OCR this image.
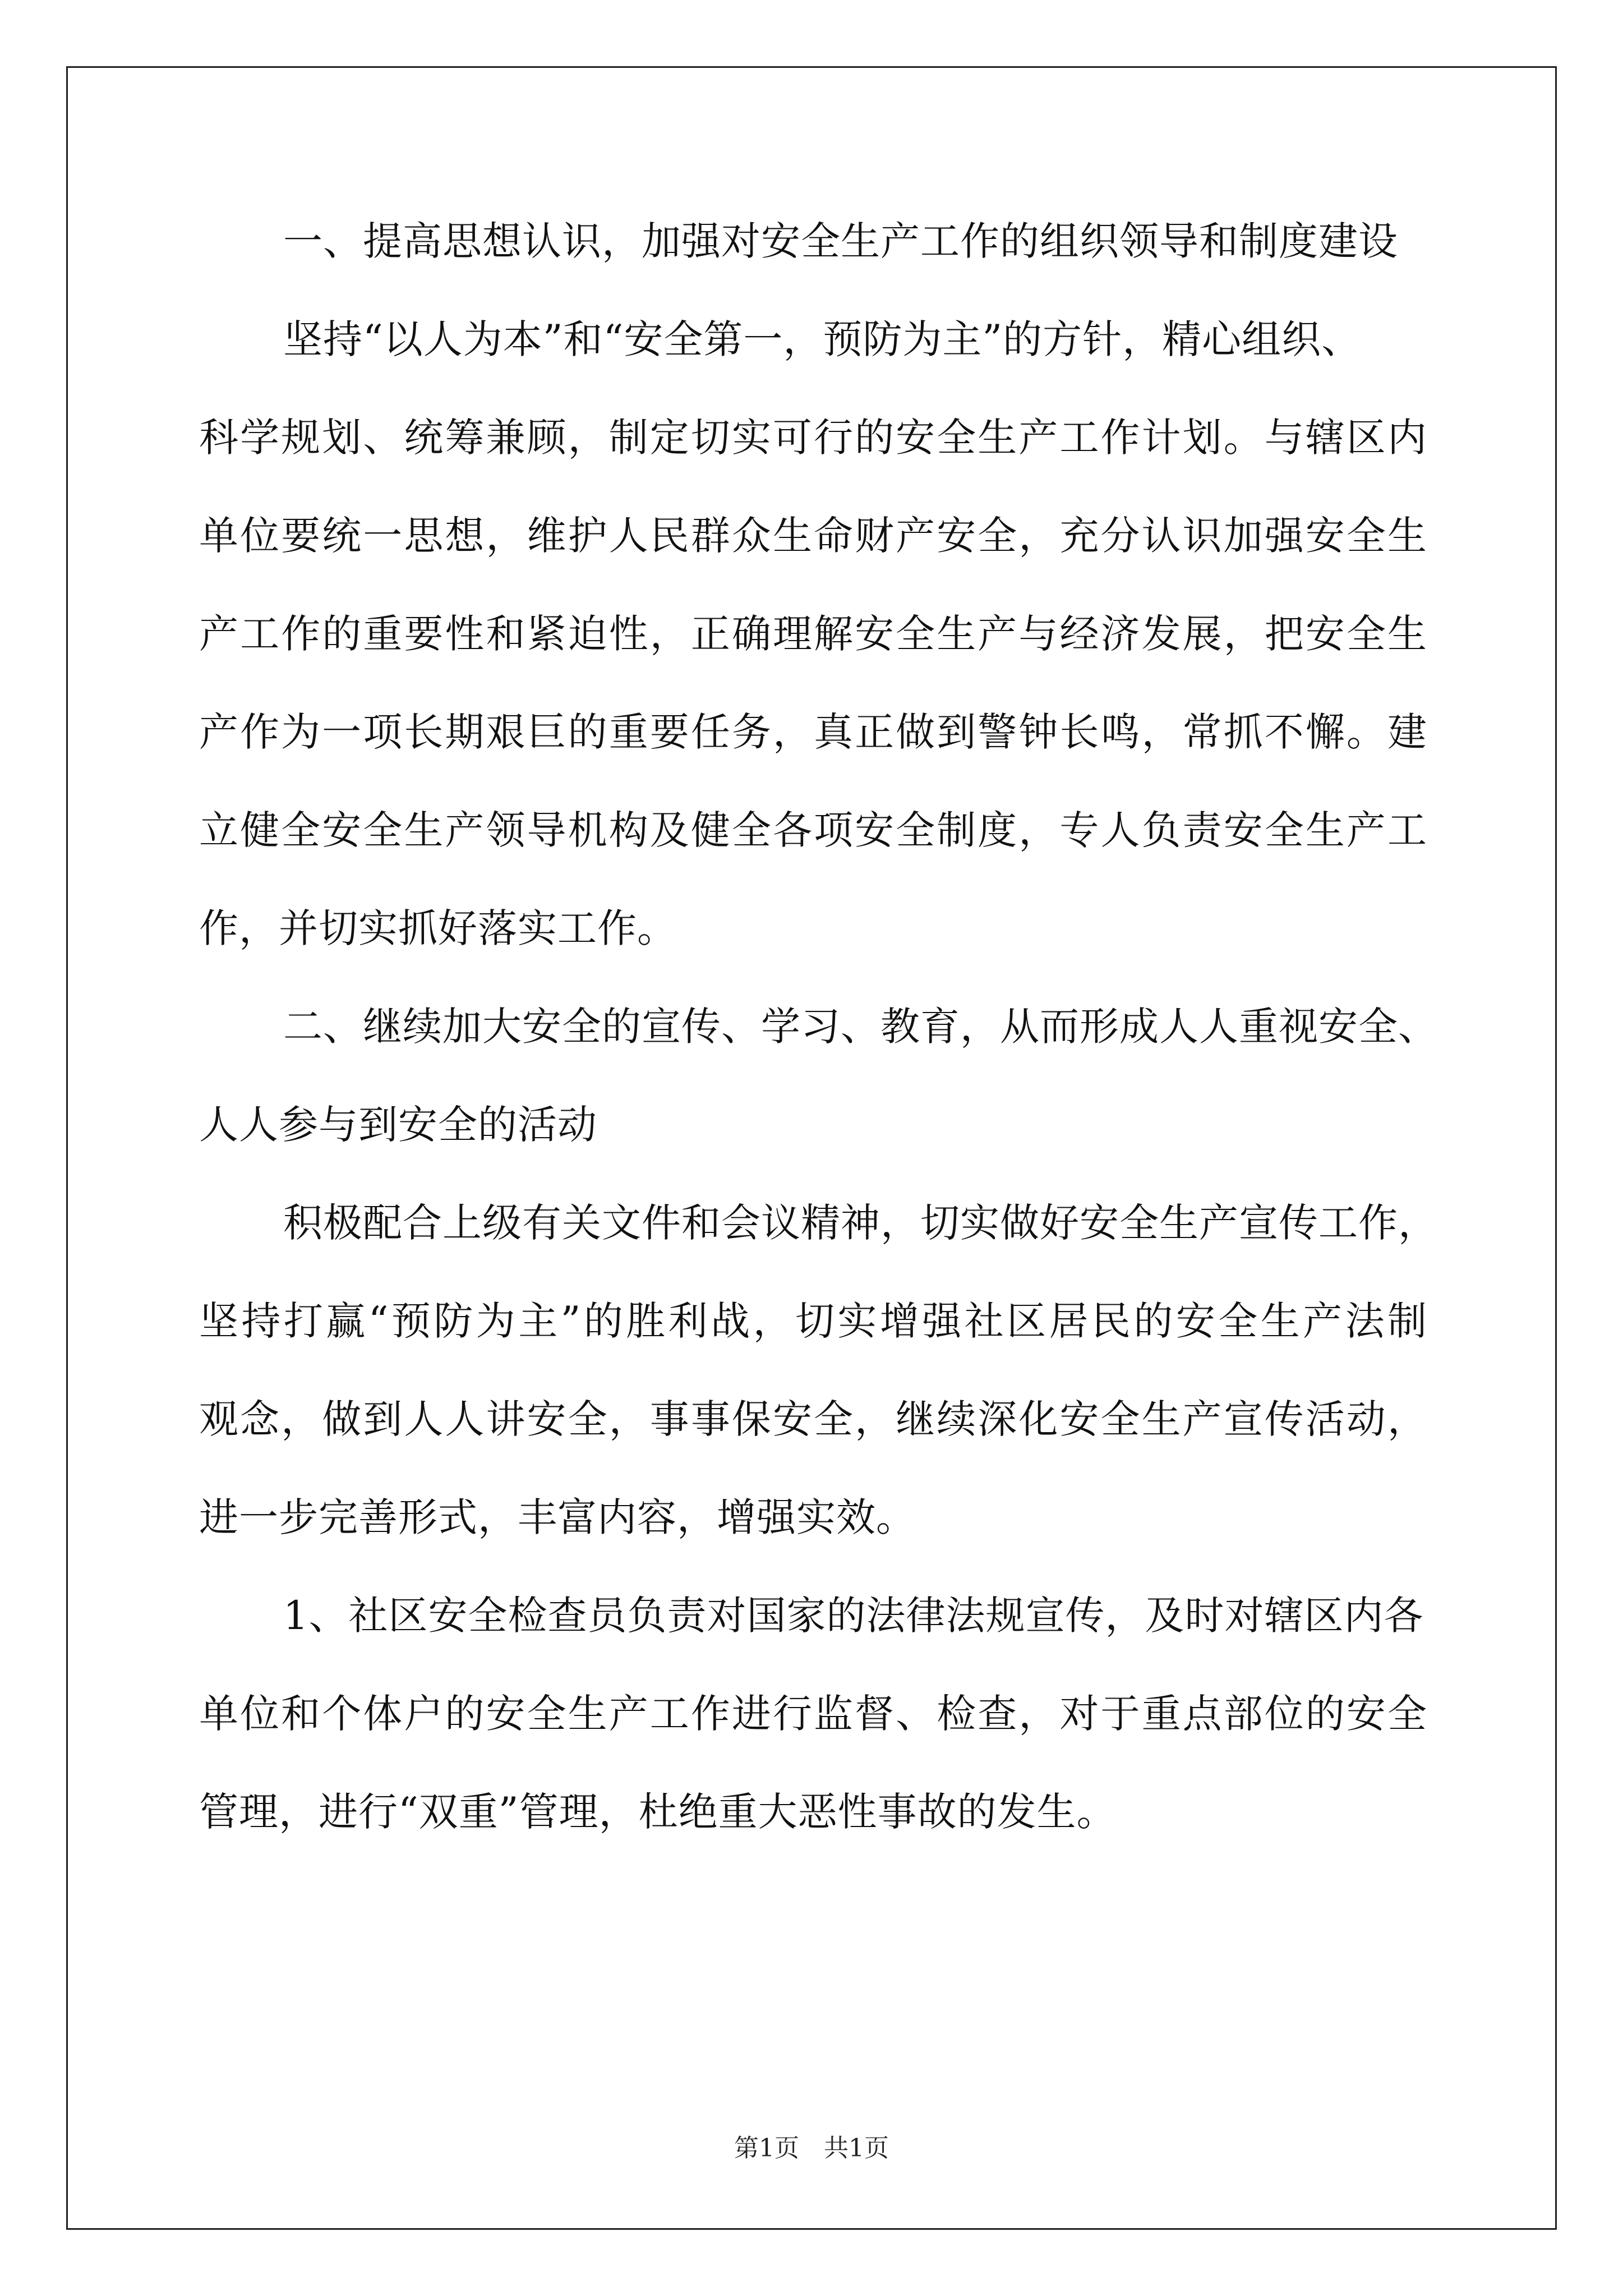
一、提高思想认识，加强对安全生产工作的组织领导和制度建设
坚持“以人为本”和“安全第一，预防为主”的方针，精心组织、
科学规划、统筹兼顾，制定切实可行的安全生产工作计划。与辖区内
单位要统一思想，维护人民群众生命财产安全，充分认识加强安全生
产工作的重要性和紧迫性，正确理解安全生产与经济发展，把安全生
产作为一项长期艰巨的重要任务，真正做到警钟长鸣，常抓不懈。建
立健全安全生产领导机构及健全各项安全制度，专人负责安全生产工
作，并切实抓好落实工作。
二、继续加大安全的宣传、学习、教育，从而形成人人重视安全、
人人参与到安全的活动
积极配合上级有关文件和会议精神，切实做好安全生产宣传工作，
坚持打赢“预防为主”的胜利战，切实增强社区居民的安全生产法制
观念，做到人人讲安全，事事保安全，继续深化安全生产宣传活动，
进一步完善形式，丰富内容，增强实效。
1、社区安全检查员负责对国家的法律法规宣传，及时对辖区内各
单位和个体户的安全生产工作进行监督、检查，对于重点部位的安全
管理，进行“双重”管理，杜绝重大恶性事故的发生。
第1页　共1页
